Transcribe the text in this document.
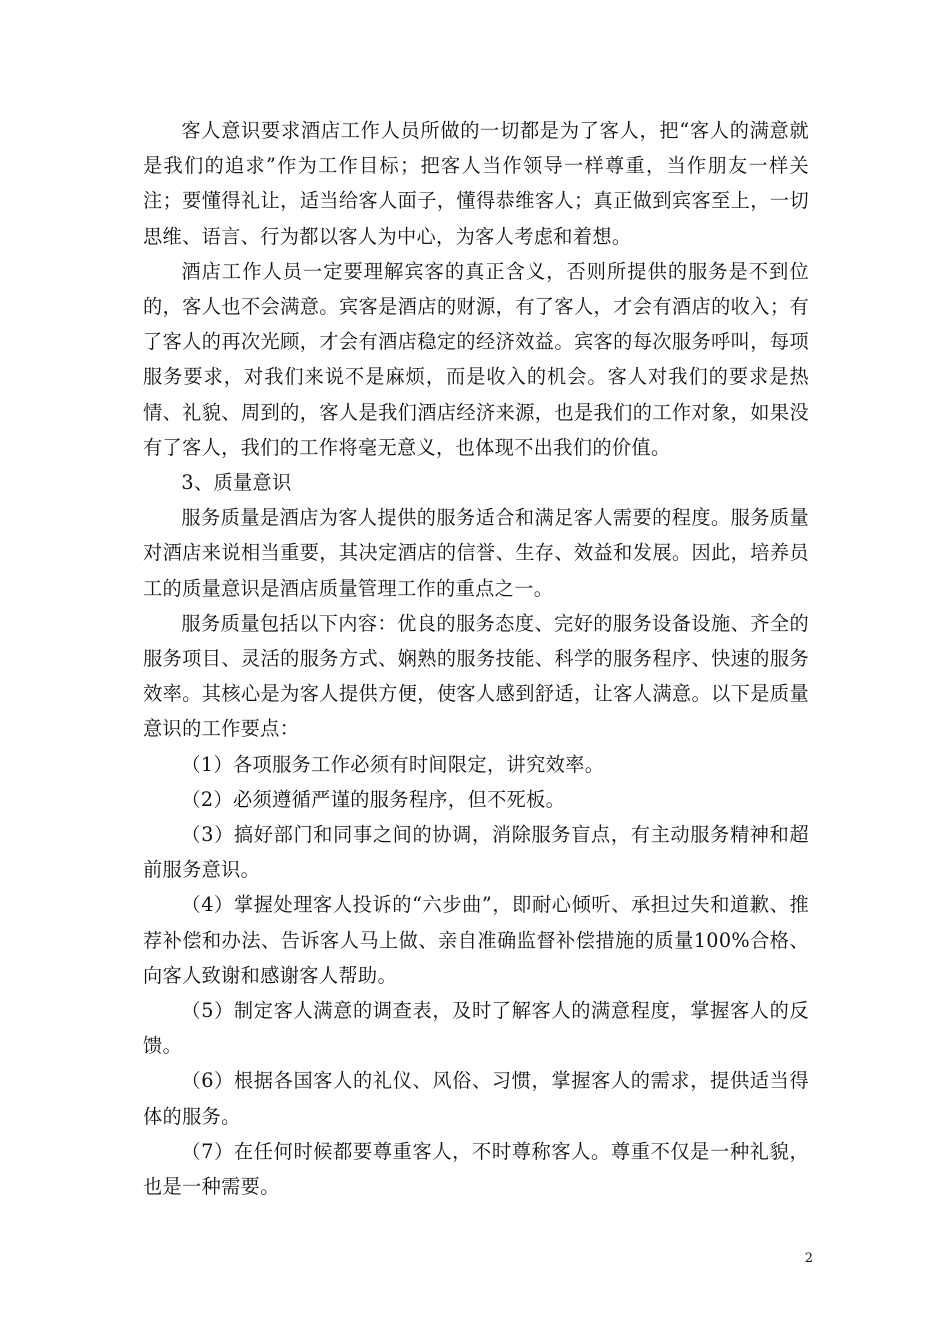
客人意识要求酒店工作人员所做的一切都是为了客人，把“客人的满意就是我们的追求”作为工作目标；把客人当作领导一样尊重，当作朋友一样关注；要懂得礼让，适当给客人面子，懂得恭维客人；真正做到宾客至上，一切思维、语言、行为都以客人为中心，为客人考虑和着想。

酒店工作人员一定要理解宾客的真正含义，否则所提供的服务是不到位的，客人也不会满意。宾客是酒店的财源，有了客人，才会有酒店的收入；有了客人的再次光顾，才会有酒店稳定的经济效益。宾客的每次服务呼叫，每项服务要求，对我们来说不是麻烦，而是收入的机会。客人对我们的要求是热情、礼貌、周到的，客人是我们酒店经济来源，也是我们的工作对象，如果没有了客人，我们的工作将毫无意义，也体现不出我们的价值。

3、质量意识

服务质量是酒店为客人提供的服务适合和满足客人需要的程度。服务质量对酒店来说相当重要，其决定酒店的信誉、生存、效益和发展。因此，培养员工的质量意识是酒店质量管理工作的重点之一。

服务质量包括以下内容：优良的服务态度、完好的服务设备设施、齐全的服务项目、灵活的服务方式、娴熟的服务技能、科学的服务程序、快速的服务效率。其核心是为客人提供方便，使客人感到舒适，让客人满意。以下是质量意识的工作要点：

（1）各项服务工作必须有时间限定，讲究效率。

（2）必须遵循严谨的服务程序，但不死板。

（3）搞好部门和同事之间的协调，消除服务盲点，有主动服务精神和超前服务意识。

（4）掌握处理客人投诉的“六步曲”，即耐心倾听、承担过失和道歉、推荐补偿和办法、告诉客人马上做、亲自准确监督补偿措施的质量100%合格、向客人致谢和感谢客人帮助。

（5）制定客人满意的调查表，及时了解客人的满意程度，掌握客人的反馈。

（6）根据各国客人的礼仪、风俗、习惯，掌握客人的需求，提供适当得体的服务。

（7）在任何时候都要尊重客人，不时尊称客人。尊重不仅是一种礼貌，也是一种需要。

2
